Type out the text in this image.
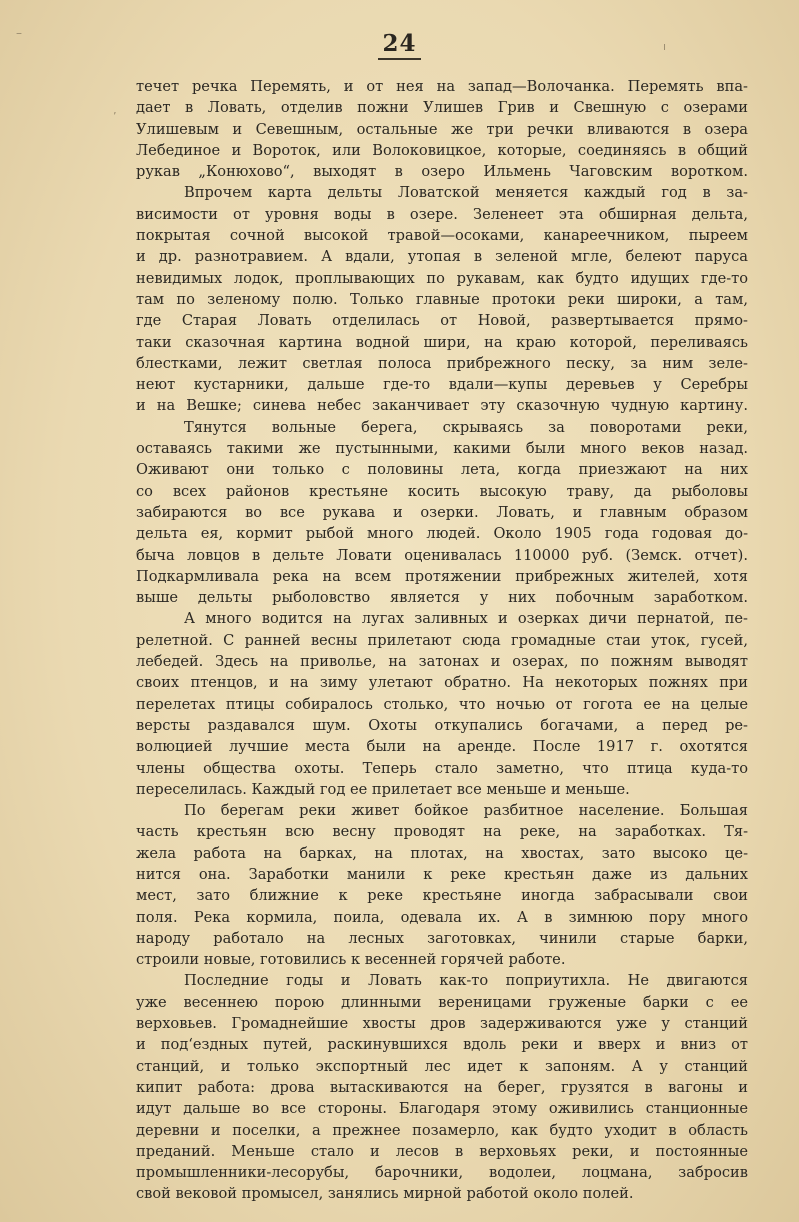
24
–
ı
ʼ
течет речка Перемять, и от нея на запад—Волочанка. Перемять впа-
дает в Ловать, отделив пожни Улишев Грив и Свешную с озерами
Улишевым и Севешным, остальные же три речки вливаются в озера
Лебединое и Вороток, или Волоковицкое, которые, соединяясь в общий
рукав „Конюхово“, выходят в озеро Ильмень Чаговским воротком.
Впрочем карта дельты Ловатской меняется каждый год в за-
висимости от уровня воды в озере. Зеленеет эта обширная дельта,
покрытая сочной высокой травой—осоками, канареечником, пыреем
и др. разнотравием. А вдали, утопая в зеленой мгле, белеют паруса
невидимых лодок, проплывающих по рукавам, как будто идущих где-то
там по зеленому полю. Только главные протоки реки широки, а там,
где Старая Ловать отделилась от Новой, развертывается прямо-
таки сказочная картина водной шири, на краю которой, переливаясь
блестками, лежит светлая полоса прибрежного песку, за ним зеле-
неют кустарники, дальше где-то вдали—купы деревьев у Серебры
и на Вешке; синева небес заканчивает эту сказочную чудную картину.
Тянутся вольные берега, скрываясь за поворотами реки,
оставаясь такими же пустынными, какими были много веков назад.
Оживают они только с половины лета, когда приезжают на них
со всех районов крестьяне косить высокую траву, да рыболовы
забираются во все рукава и озерки. Ловать, и главным образом
дельта ея, кормит рыбой много людей. Около 1905 года годовая до-
быча ловцов в дельте Ловати оценивалась 110000 руб. (Земск. отчет).
Подкармливала река на всем протяжении прибрежных жителей, хотя
выше дельты рыболовство является у них побочным заработком.
А много водится на лугах заливных и озерках дичи пернатой, пе-
релетной. С ранней весны прилетают сюда громадные стаи уток, гусей,
лебедей. Здесь на приволье, на затонах и озерах, по пожням выводят
своих птенцов, и на зиму улетают обратно. На некоторых пожнях при
перелетах птицы собиралось столько, что ночью от гогота ее на целые
версты раздавался шум. Охоты откупались богачами, а перед ре-
волюцией лучшие места были на аренде. После 1917 г. охотятся
члены общества охоты. Теперь стало заметно, что птица куда-то
переселилась. Каждый год ее прилетает все меньше и меньше.
По берегам реки живет бойкое разбитное население. Большая
часть крестьян всю весну проводят на реке, на заработках. Тя-
жела работа на барках, на плотах, на хвостах, зато высоко це-
нится она. Заработки манили к реке крестьян даже из дальних
мест, зато ближние к реке крестьяне иногда забрасывали свои
поля. Река кормила, поила, одевала их. А в зимнюю пору много
народу работало на лесных заготовках, чинили старые барки,
строили новые, готовились к весенней горячей работе.
Последние годы и Ловать как-то поприутихла. Не двигаются
уже весеннею порою длинными вереницами груженые барки с ее
верховьев. Громаднейшие хвосты дров задерживаются уже у станций
и под‘ездных путей, раскинувшихся вдоль реки и вверх и вниз от
станций, и только экспортный лес идет к запоням. А у станций
кипит работа: дрова вытаскиваются на берег, грузятся в вагоны и
идут дальше во все стороны. Благодаря этому оживились станционные
деревни и поселки, а прежнее позамерло, как будто уходит в область
преданий. Меньше стало и лесов в верховьях реки, и постоянные
промышленники-лесорубы, барочники, водолеи, лоцмана, забросив
свой вековой промысел, занялись мирной работой около полей.
